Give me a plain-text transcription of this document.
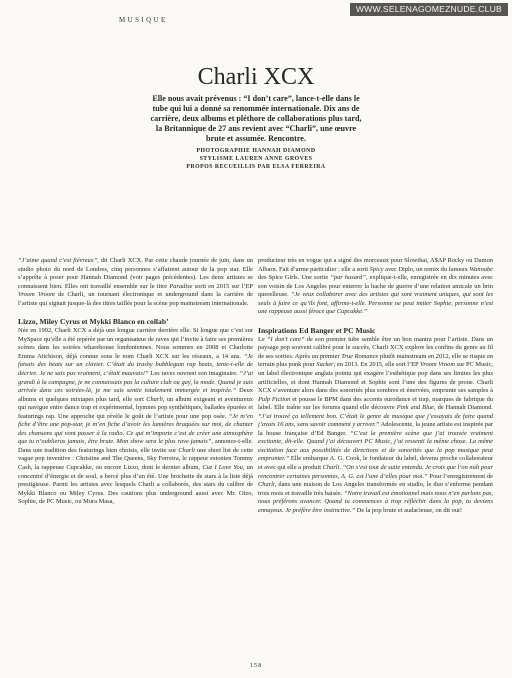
MUSIQUE
WWW.SELENAGOMEZNUDE.CLUB
Charli XCX

Elle nous avait prévenus : “I don’t care”, lance-t-elle dans le tube qui lui a donné sa renommée internationale. Dix ans de carrière, deux albums et pléthore de collaborations plus tard, la Britannique de 27 ans revient avec “Charli”, une œuvre brute et assumée. Rencontre.

PHOTOGRAPHIE HANNAH DIAMOND
STYLISME LAUREN ANNE GROVES
PROPOS RECUEILLIS PAR ELSA FERREIRA

“J’aime quand c’est fiévreux”, dit Charli XCX. Par cette chaude journée de juin, dans un studio photo du nord de Londres, cinq personnes s’affairent autour de la pop star. Elle s’apprête à poser pour Hannah Diamond (voir pages précédentes). Les deux artistes se connaissent bien. Elles ont travaillé ensemble sur le titre Paradise sorti en 2015 sur l’EP Vroom Vroom de Charli, un tournant électronique et underground dans la carrière de l’artiste qui signait jusque-là des titres taillés pour la scène pop mainstream internationale.

Lizzo, Miley Cyrus et Mykki Blanco en collab’

Née en 1992, Charli XCX a déjà une longue carrière derrière elle. Si longue que c’est sur MySpace qu’elle a été repérée par un organisateur de raves qui l’invite à faire ses premières scènes dans les soirées wharehouse londoniennes. Nous sommes en 2008 et Charlotte Emma Aitchison, déjà connue sous le nom Charli XCX sur les réseaux, a 14 ans. “Je faisais des beats sur un clavier. C’était du trashy bubblegum rap beats, tente-t-elle de décrire. Je ne sais pas vraiment, c’était mauvais!” Les raves ouvrent son imaginaire. “J’ai grandi à la campagne, je ne connaissais pas la culture club ou gay, la mode. Quand je suis arrivée dans ces soirées-là, je me suis sentie totalement immergée et inspirée.” Deux albums et quelques mixtapes plus tard, elle sort Charli, un album exigeant et aventureux qui navigue entre dance trap et expérimental, hymnes pop synthétiques, ballades épurées et featurings rap. Une approche qui révèle le goût de l’artiste pour une pop osée. “Je m’en fiche d’être une pop-star, je m’en fiche d’avoir les lumières braquées sur moi, de chanter des chansons qui vont passer à la radio. Ce qui m’importe c’est de créer une atmosphère que tu n’oublieras jamais, être brute. Mon show sera le plus rave jamais”, annonce-t-elle. Dans une tradition des featurings bien choisis, elle invite sur Charli une short list de cette vague pop inventive : Christine and The Queens, Sky Ferreira, le rappeur estonien Tommy Cash, la rappeuse Cupcakke, ou encore Lizzo, dont le dernier album, Cuz I Love You, un concentré d’énergie et de soul, a bercé plus d’un été. Une brochette de stars à la liste déjà prestigieuse. Parmi les artistes avec lesquels Charli a collaborés, des stars du calibre de Mykki Blanco ou Miley Cyrus. Des cautions plus underground aussi avec Mr. Oizo, Sophie, de PC Music, ou Mura Masa,

producteur très en vogue qui a signé des morceaux pour Slowthai, A$AP Rocky ou Damon Albarn. Fait d’arme particulier : elle a sorti Spicy avec Diplo, un remix du fameux Wannabe des Spice Girls. Une sortie “par hasard”, explique-t-elle, enregistrée en dix minutes avec son voisin de Los Angeles pour enterrer la hache de guerre d’une relation amicale un brin querelleuse. “Je veux collaborer avec des artistes qui sont vraiment uniques, qui sont les seuls à faire ce qu’ils font, affirme-t-elle. Personne ne peut imiter Sophie, personne n’est une rappeuse aussi féroce que Cupcakke.”

Inspirations Ed Banger et PC Music

Le “I don’t care” de son premier tube semble être un bon mantra pour l’artiste. Dans un paysage pop souvent calibré pour le succès, Charli XCX explore les confins du genre au fil de ses sorties. Après un premier True Romance plutôt mainstream en 2012, elle se risque en terrain plus punk pour Sucker, en 2013. En 2015, elle sort l’EP Vroom Vroom sur PC Music, un label électronique anglais pointu qui exagère l’esthétique pop dans ses limites les plus artificielles, et dont Hannah Diamond et Sophie sont l’une des figures de proue. Charli XCX s’aventure alors dans des sonorités plus sombres et énervées, emprunte ses samples à Pulp Fiction et pousse le BPM dans des accents eurodance et trap, marques de fabrique du label. Elle traîne sur les forums quand elle découvre Pink and Blue, de Hannah Diamond. “J’ai trouvé ça tellement bon. C’était le genre de musique que j’essayais de faire quand j’avais 16 ans, sans savoir comment y arriver.” Adolescente, la jeune artiste est inspirée par la house française d’Ed Banger. “C’est la première scène que j’ai trouvée vraiment excitante, dit-elle. Quand j’ai découvert PC Music, j’ai ressenti la même chose. La même excitation face aux possibilités de directions et de sonorités que la pop musique peut emprunter.” Elle embarque A. G. Cook, le fondateur du label, devenu proche collaborateur et avec qui elle a produit Charli. “On s’est tout de suite entendu. Je crois que l’on naît pour rencontrer certaines personnes, A. G. est l’une d’elles pour moi.” Pour l’enregistrement de Charli, dans une maison de Los Angeles transformée en studio, le duo s’enferme pendant trois mois et travaille très baisée. “Notre travail est émotionnel mais nous n’en parlons pas, nous préférons avancer. Quand tu commences à trop réfléchir dans la pop, tu deviens ennuyeux. Je préfère être instinctive.” De la pop brute et audacieuse, on dit oui!

158
